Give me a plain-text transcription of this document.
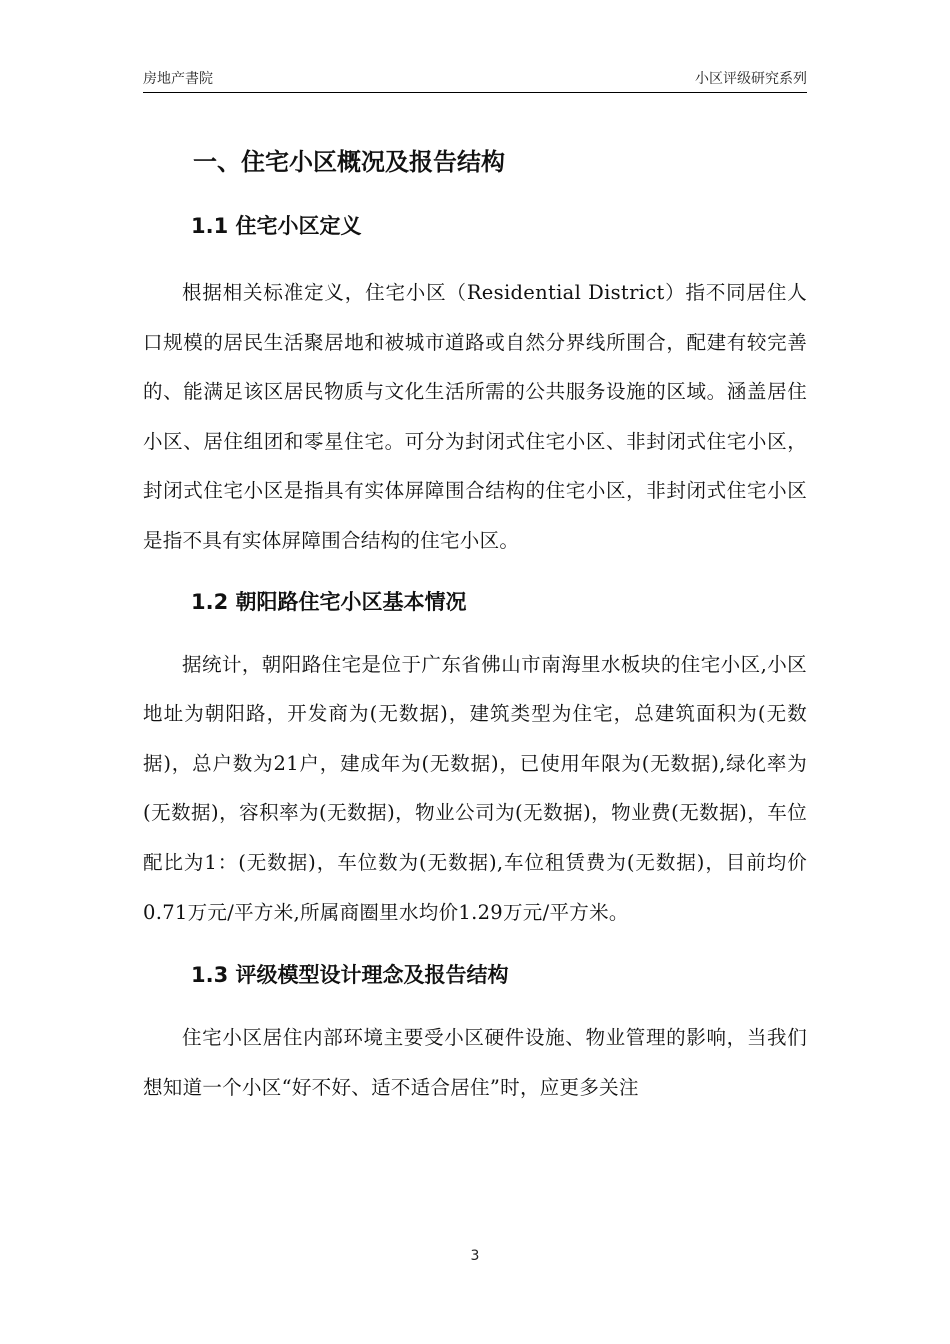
房地产書院	小区评级研究系列
一、住宅小区概况及报告结构
1.1 住宅小区定义

根据相关标准定义，住宅小区（Residential District）指不同居住人口规模的居民生活聚居地和被城市道路或自然分界线所围合，配建有较完善的、能满足该区居民物质与文化生活所需的公共服务设施的区域。涵盖居住小区、居住组团和零星住宅。可分为封闭式住宅小区、非封闭式住宅小区，封闭式住宅小区是指具有实体屏障围合结构的住宅小区，非封闭式住宅小区是指不具有实体屏障围合结构的住宅小区。

1.2 朝阳路住宅小区基本情况

据统计，朝阳路住宅是位于广东省佛山市南海里水板块的住宅小区,小区地址为朝阳路，开发商为(无数据)，建筑类型为住宅，总建筑面积为(无数据)，总户数为21户，建成年为(无数据)，已使用年限为(无数据),绿化率为(无数据)，容积率为(无数据)，物业公司为(无数据)，物业费(无数据)，车位配比为1：(无数据)，车位数为(无数据),车位租赁费为(无数据)，目前均价0.71万元/平方米,所属商圈里水均价1.29万元/平方米。

1.3 评级模型设计理念及报告结构

住宅小区居住内部环境主要受小区硬件设施、物业管理的影响，当我们想知道一个小区“好不好、适不适合居住”时，应更多关注

3
